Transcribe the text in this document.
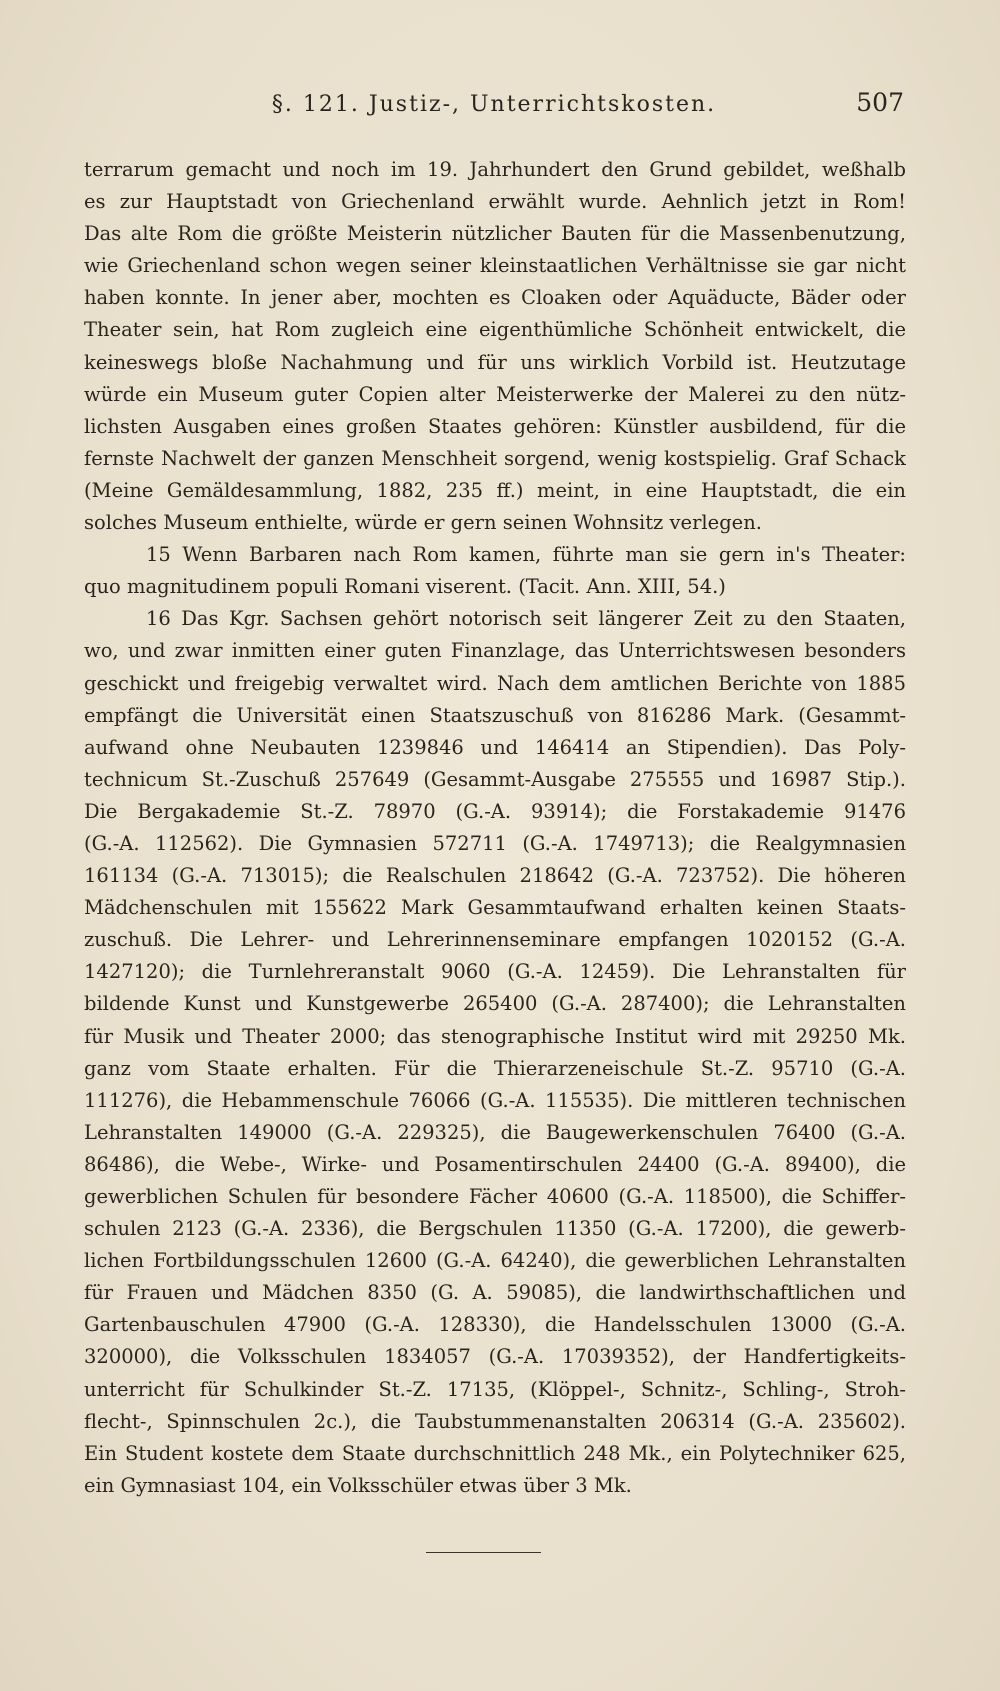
§. 121. Justiz-, Unterrichtskosten.	507
terrarum gemacht und noch im 19. Jahrhundert den Grund gebildet, weßhalb
es zur Hauptstadt von Griechenland erwählt wurde. Aehnlich jetzt in Rom!
Das alte Rom die größte Meisterin nützlicher Bauten für die Massenbenutzung,
wie Griechenland schon wegen seiner kleinstaatlichen Verhältnisse sie gar nicht
haben konnte. In jener aber, mochten es Cloaken oder Aquäducte, Bäder oder
Theater sein, hat Rom zugleich eine eigenthümliche Schönheit entwickelt, die
keineswegs bloße Nachahmung und für uns wirklich Vorbild ist. Heutzutage
würde ein Museum guter Copien alter Meisterwerke der Malerei zu den nütz-
lichsten Ausgaben eines großen Staates gehören: Künstler ausbildend, für die
fernste Nachwelt der ganzen Menschheit sorgend, wenig kostspielig. Graf Schack
(Meine Gemäldesammlung, 1882, 235 ff.) meint, in eine Hauptstadt, die ein
solches Museum enthielte, würde er gern seinen Wohnsitz verlegen.
15 Wenn Barbaren nach Rom kamen, führte man sie gern in's Theater:
quo magnitudinem populi Romani viserent. (Tacit. Ann. XIII, 54.)
16 Das Kgr. Sachsen gehört notorisch seit längerer Zeit zu den Staaten,
wo, und zwar inmitten einer guten Finanzlage, das Unterrichtswesen besonders
geschickt und freigebig verwaltet wird. Nach dem amtlichen Berichte von 1885
empfängt die Universität einen Staatszuschuß von 816286 Mark. (Gesammt-
aufwand ohne Neubauten 1239846 und 146414 an Stipendien). Das Poly-
technicum St.-Zuschuß 257649 (Gesammt-Ausgabe 275555 und 16987 Stip.).
Die Bergakademie St.-Z. 78970 (G.-A. 93914); die Forstakademie 91476
(G.-A. 112562). Die Gymnasien 572711 (G.-A. 1749713); die Realgymnasien
161134 (G.-A. 713015); die Realschulen 218642 (G.-A. 723752). Die höheren
Mädchenschulen mit 155622 Mark Gesammtaufwand erhalten keinen Staats-
zuschuß. Die Lehrer- und Lehrerinnenseminare empfangen 1020152 (G.-A.
1427120); die Turnlehreranstalt 9060 (G.-A. 12459). Die Lehranstalten für
bildende Kunst und Kunstgewerbe 265400 (G.-A. 287400); die Lehranstalten
für Musik und Theater 2000; das stenographische Institut wird mit 29250 Mk.
ganz vom Staate erhalten. Für die Thierarzeneischule St.-Z. 95710 (G.-A.
111276), die Hebammenschule 76066 (G.-A. 115535). Die mittleren technischen
Lehranstalten 149000 (G.-A. 229325), die Baugewerkenschulen 76400 (G.-A.
86486), die Webe-, Wirke- und Posamentirschulen 24400 (G.-A. 89400), die
gewerblichen Schulen für besondere Fächer 40600 (G.-A. 118500), die Schiffer-
schulen 2123 (G.-A. 2336), die Bergschulen 11350 (G.-A. 17200), die gewerb-
lichen Fortbildungsschulen 12600 (G.-A. 64240), die gewerblichen Lehranstalten
für Frauen und Mädchen 8350 (G. A. 59085), die landwirthschaftlichen und
Gartenbauschulen 47900 (G.-A. 128330), die Handelsschulen 13000 (G.-A.
320000), die Volksschulen 1834057 (G.-A. 17039352), der Handfertigkeits-
unterricht für Schulkinder St.-Z. 17135, (Klöppel-, Schnitz-, Schling-, Stroh-
flecht-, Spinnschulen 2c.), die Taubstummenanstalten 206314 (G.-A. 235602).
Ein Student kostete dem Staate durchschnittlich 248 Mk., ein Polytechniker 625,
ein Gymnasiast 104, ein Volksschüler etwas über 3 Mk.
